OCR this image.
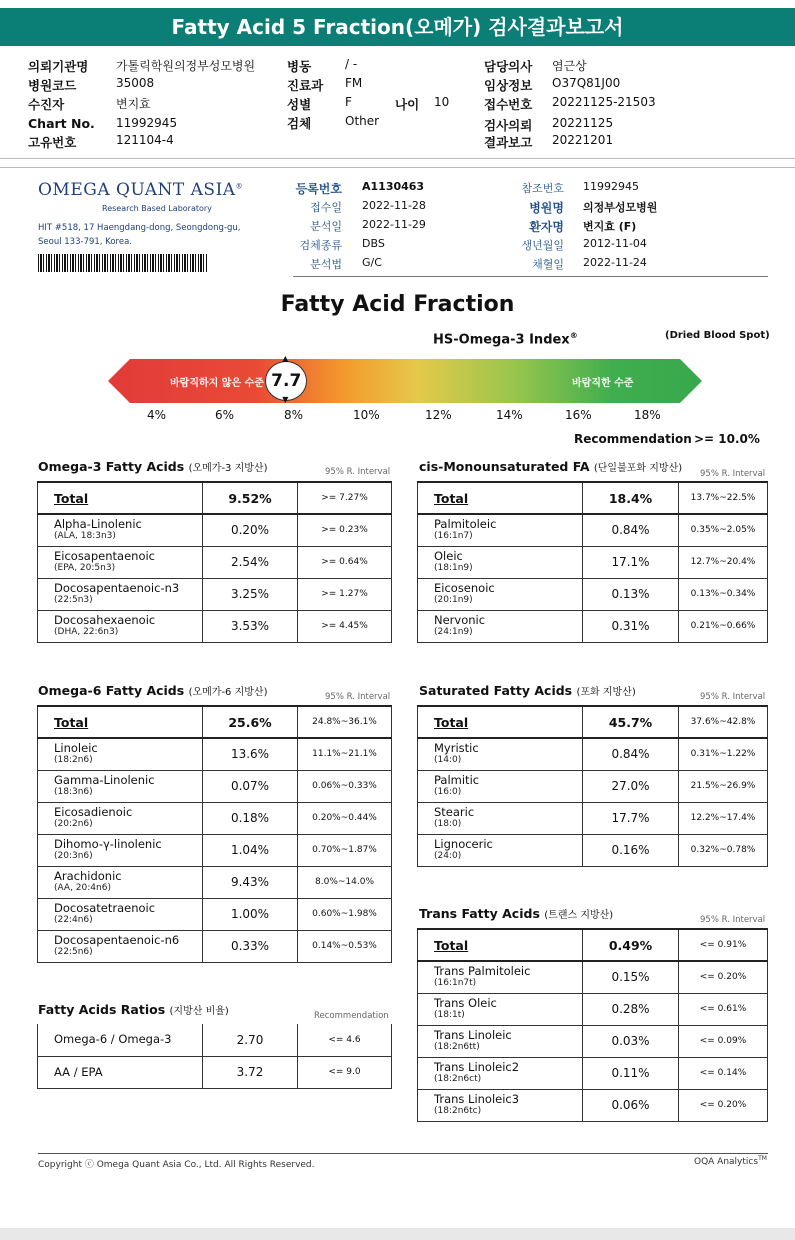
Fatty Acid 5 Fraction(오메가) 검사결과보고서
의뢰기관명 가톨릭학원의정부성모병원
병원코드	35008
수진자	변지효
Chart No. 11992945
고유번호	121104-4
병동	/ -
진료과 FM
성별	F	나이 10
검체	Other
담당의사 염근상
임상정보 O37Q81J00
접수번호 20221125-21503
검사의뢰 20221125
결과보고 20221201
OMEGA QUANT ASIA®
Research Based Laboratory
HIT #518, 17 Haengdang-dong, Seongdong-gu,
Seoul 133-791, Korea.
등록번호 A1130463
접수일 2022-11-28
분석일 2022-11-29
검체종류 DBS
분석법 G/C
참조번호 11992945
병원명 의정부성모병원
환자명 변지효 (F)
생년월일 2012-11-04
채혈일 2022-11-24
Fatty Acid Fraction
HS-Omega-3 Index®	(Dried Blood Spot)
바람직하지 않은 수준	바람직한 수준
7.7
▲
▼
4%	6%	8%	10%	12%	14%	16%	18%
Recommendation >= 10.0%
Omega-3 Fatty Acids (오메가-3 지방산)	95% R. Interval cis-Monounsaturated FA (단일불포화 지방산) 95% R. Interval
Omega-6 Fatty Acids (오메가-6 지방산)	95% R. Interval Saturated Fatty Acids (포화 지방산)	95% R. Interval
Trans Fatty Acids (트랜스 지방산)	95% R. Interval
Fatty Acids Ratios (지방산 비율)	Recommendation
Total	9.52%	>= 7.27%

Alpha-Linolenic
(ALA, 18:3n3)	0.20%	>= 0.23%

Eicosapentaenoic
(EPA, 20:5n3)	2.54%	>= 0.64%

Docosapentaenoic-n3
(22:5n3)	3.25%	>= 1.27%

Docosahexaenoic
(DHA, 22:6n3)	3.53%	>= 4.45%
Total	18.4%	13.7%~22.5%

Palmitoleic
(16:1n7)	0.84%	0.35%~2.05%

Oleic
(18:1n9)	17.1%	12.7%~20.4%

Eicosenoic
(20:1n9)	0.13%	0.13%~0.34%

Nervonic
(24:1n9)	0.31%	0.21%~0.66%
Total	25.6%	24.8%~36.1%

Linoleic
(18:2n6)	13.6%	11.1%~21.1%

Gamma-Linolenic
(18:3n6)	0.07%	0.06%~0.33%

Eicosadienoic
(20:2n6)	0.18%	0.20%~0.44%

Dihomo-γ-linolenic
(20:3n6)	1.04%	0.70%~1.87%

Arachidonic
(AA, 20:4n6)	9.43%	8.0%~14.0%

Docosatetraenoic
(22:4n6)	1.00%	0.60%~1.98%

Docosapentaenoic-n6
(22:5n6)	0.33%	0.14%~0.53%
Total	45.7%	37.6%~42.8%

Myristic
(14:0)	0.84%	0.31%~1.22%

Palmitic
(16:0)	27.0%	21.5%~26.9%

Stearic
(18:0)	17.7%	12.2%~17.4%

Lignoceric
(24:0)	0.16%	0.32%~0.78%
Total	0.49%	<= 0.91%

Trans Palmitoleic
(16:1n7t)	0.15%	<= 0.20%

Trans Oleic
(18:1t)	0.28%	<= 0.61%

Trans Linoleic
(18:2n6tt)	0.03%	<= 0.09%

Trans Linoleic2
(18:2n6ct)	0.11%	<= 0.14%

Trans Linoleic3
(18:2n6tc)	0.06%	<= 0.20%
Omega-6 / Omega-3	2.70	<= 4.6

AA / EPA	3.72	<= 9.0
Copyright ⓒ Omega Quant Asia Co., Ltd. All Rights Reserved.	OQA Analytics™
